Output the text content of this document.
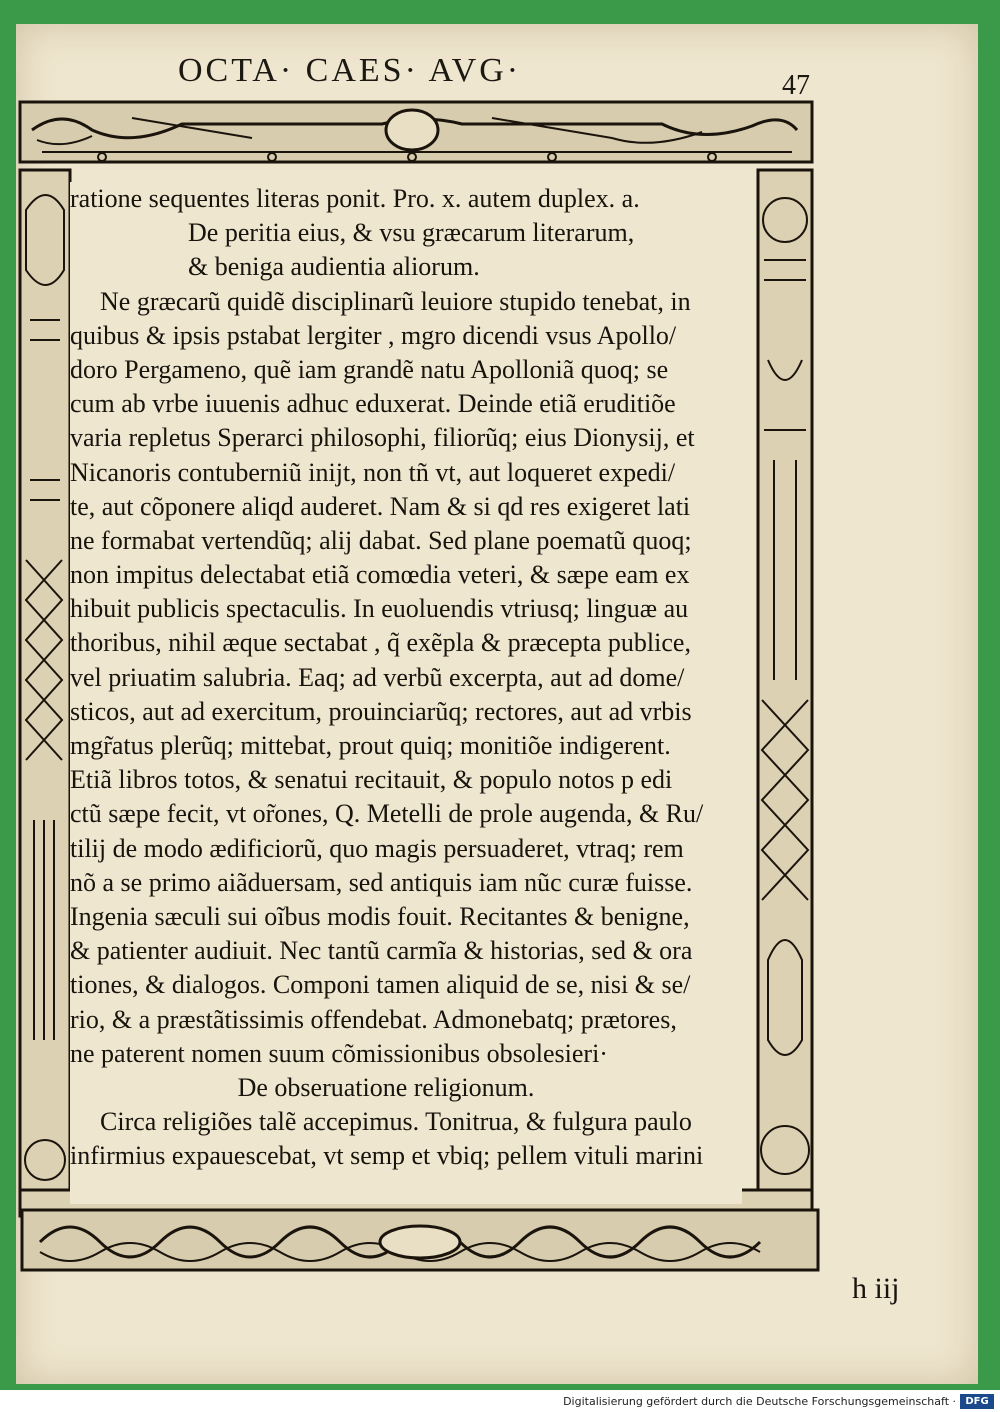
OCTA· CAES· AVG·	47
ratione sequentes literas ponit. Pro. x. autem duplex. a.
De peritia eius, & vsu græcarum literarum,
& beniga audientia aliorum.
Ne græcarũ quidẽ disciplinarũ leuiore stupido tenebat, in
quibus & ipsis pstabat lergiter , mgro dicendi vsus Apollo/
doro Pergameno, quẽ iam grandẽ natu Apolloniã quoq; se
cum ab vrbe iuuenis adhuc eduxerat. Deinde etiã eruditiõe
varia repletus Sperarci philosophi, filiorũq; eius Dionysij, et
Nicanoris contuberniũ inijt, non tñ vt, aut loqueret expedi/
te, aut cõponere aliqd auderet. Nam & si qd res exigeret lati
ne formabat vertendũq; alij dabat. Sed plane poematũ quoq;
non impitus delectabat etiã comœdia veteri, & sæpe eam ex
hibuit publicis spectaculis. In euoluendis vtriusq; linguæ au
thoribus, nihil æque sectabat , q̃ exẽpla & præcepta publice,
vel priuatim salubria. Eaq; ad verbũ excerpta, aut ad dome/
sticos, aut ad exercitum, prouinciarũq; rectores, aut ad vrbis
mgr̃atus plerũq; mittebat, prout quiq; monitiõe indigerent.
Etiã libros totos, & senatui recitauit, & populo notos p edi
ctũ sæpe fecit, vt or̃ones, Q. Metelli de prole augenda, & Ru/
tilij de modo ædificiorũ, quo magis persuaderet, vtraq; rem
nõ a se primo aiãduersam, sed antiquis iam nũc curæ fuisse.
Ingenia sæculi sui oĩbus modis fouit. Recitantes & benigne,
& patienter audiuit. Nec tantũ carmĩa & historias, sed & ora
tiones, & dialogos. Componi tamen aliquid de se, nisi & se/
rio, & a præstãtissimis offendebat. Admonebatq; prætores,
ne paterent nomen suum cõmissionibus obsolesieri·
De obseruatione religionum.
Circa religiões talẽ accepimus. Tonitrua, & fulgura paulo
infirmius expauescebat, vt semp et vbiq; pellem vituli marini
h iij
Digitalisierung gefördert durch die Deutsche Forschungsgemeinschaft · DFG
